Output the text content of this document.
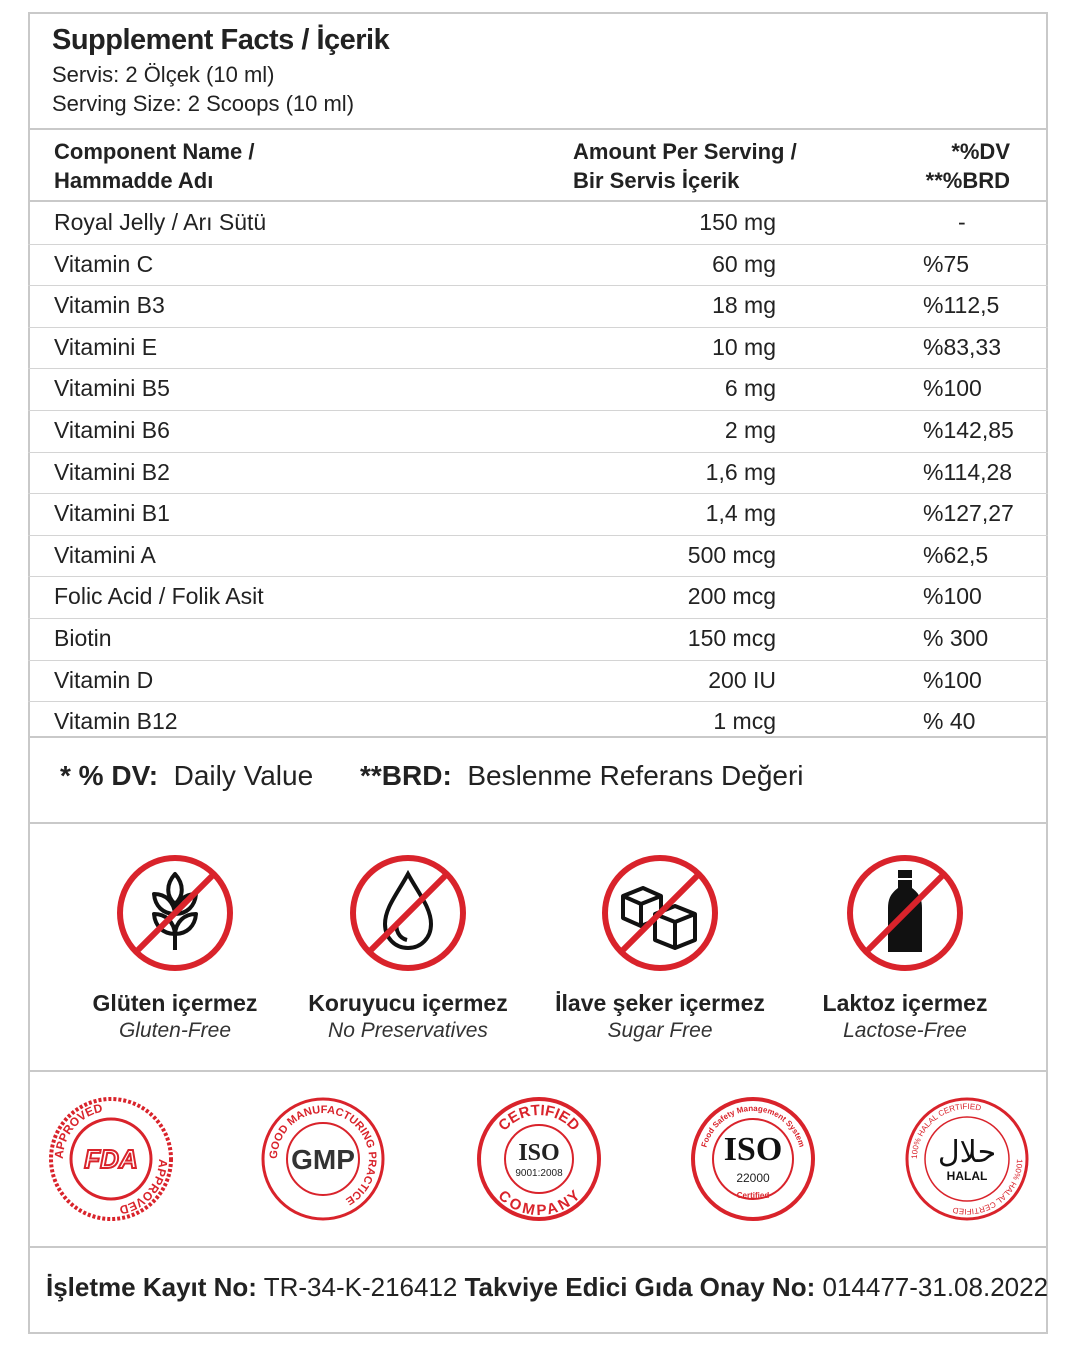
Supplement Facts / İçerik
Servis: 2 Ölçek (10 ml)
Serving Size: 2 Scoops (10 ml)
Component Name /
Hammadde Adı
Amount Per Serving /
Bir Servis İçerik
*%DV
**%BRD
Royal Jelly / Arı Sütü	150 mg	-
Vitamin C	60 mg	%75
Vitamin B3	18 mg	%112,5
Vitamini E	10 mg	%83,33
Vitamini B5	6 mg	%100
Vitamini B6	2 mg	%142,85
Vitamini B2	1,6 mg	%114,28
Vitamini B1	1,4 mg	%127,27
Vitamini A	500 mcg	%62,5
Folic Acid / Folik Asit	200 mcg	%100
Biotin	150 mcg	% 300
Vitamin D	200 IU	%100
Vitamin B12	1 mcg	% 40
* % DV: Daily Value **BRD: Beslenme Referans Değeri
Glüten içermez
Gluten-Free
Koruyucu içermez
No Preservatives
İlave şeker içermez
Sugar Free
Laktoz içermez
Lactose-Free
APPROVED
APPROVED
FDA	GOOD MANUFACTURING PRACTICE
GMP
CERTIFIED
COMPANY
ISO
9001:2008
Food Safety Management System
ISO
22000
Certified
100% HALAL CERTIFIED
100% HALAL CERTIFIED
حلال
HALAL
İşletme Kayıt No: TR-34-K-216412 Takviye Edici Gıda Onay No: 014477-31.08.2022
